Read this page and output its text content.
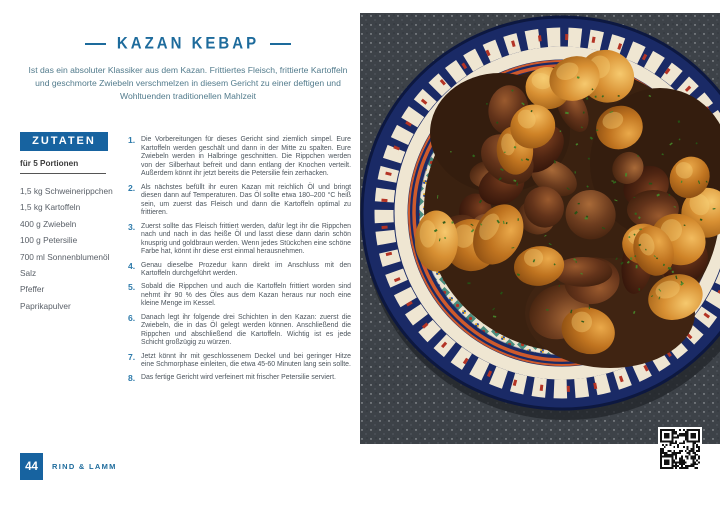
KAZAN KEBAP
Ist das ein absoluter Klassiker aus dem Kazan. Frittiertes Fleisch, frittierte Kartoffeln und geschmorte Zwiebeln verschmelzen in diesem Gericht zu einer deftigen und Wohltuenden traditionellen Mahlzeit
ZUTATEN
für 5 Portionen
1,5 kg Schweinerippchen
1,5 kg Kartoffeln
400 g Zwiebeln
100 g Petersilie
700 ml Sonnenblumenöl
Salz
Pfeffer
Paprikapulver
1. Die Vorbereitungen für dieses Gericht sind ziemlich simpel. Eure Kartoffeln werden geschält und dann in der Mitte zu spalten. Eure Zwiebeln werden in Halbringe geschnitten. Die Rippchen werden von der Silberhaut befreit und dann entlang der Knochen verteilt. Außerdem könnt ihr jetzt bereits die Petersilie fein zerhacken.
2. Als nächstes befüllt ihr euren Kazan mit reichlich Öl und bringt diesen dann auf Temperaturen. Das Öl sollte etwa 180–200 °C heiß sein, um zuerst das Fleisch und dann die Kartoffeln optimal zu frittieren.
3. Zuerst sollte das Fleisch frittiert werden, dafür legt ihr die Rippchen nach und nach in das heiße Öl und lasst diese dann darin schön knusprig und goldbraun werden. Wenn jedes Stückchen eine schöne Farbe hat, könnt ihr diese erst einmal herausnehmen.
4. Genau dieselbe Prozedur kann direkt im Anschluss mit den Kartoffeln durchgeführt werden.
5. Sobald die Rippchen und auch die Kartoffeln frittiert worden sind nehmt ihr 90 % des Öles aus dem Kazan heraus nur noch eine kleine Menge im Kessel.
6. Danach legt ihr folgende drei Schichten in den Kazan: zuerst die Zwiebeln, die in das Öl gelegt werden können. Anschließend die Rippchen und abschließend die Kartoffeln. Wichtig ist es jede Schicht großzügig zu würzen.
7. Jetzt könnt ihr mit geschlossenem Deckel und bei geringer Hitze eine Schmorphase einleiten, die etwa 45-60 Minuten lang sein sollte.
8. Das fertige Gericht wird verfeinert mit frischer Petersilie serviert.
44	RIND & LAMM
